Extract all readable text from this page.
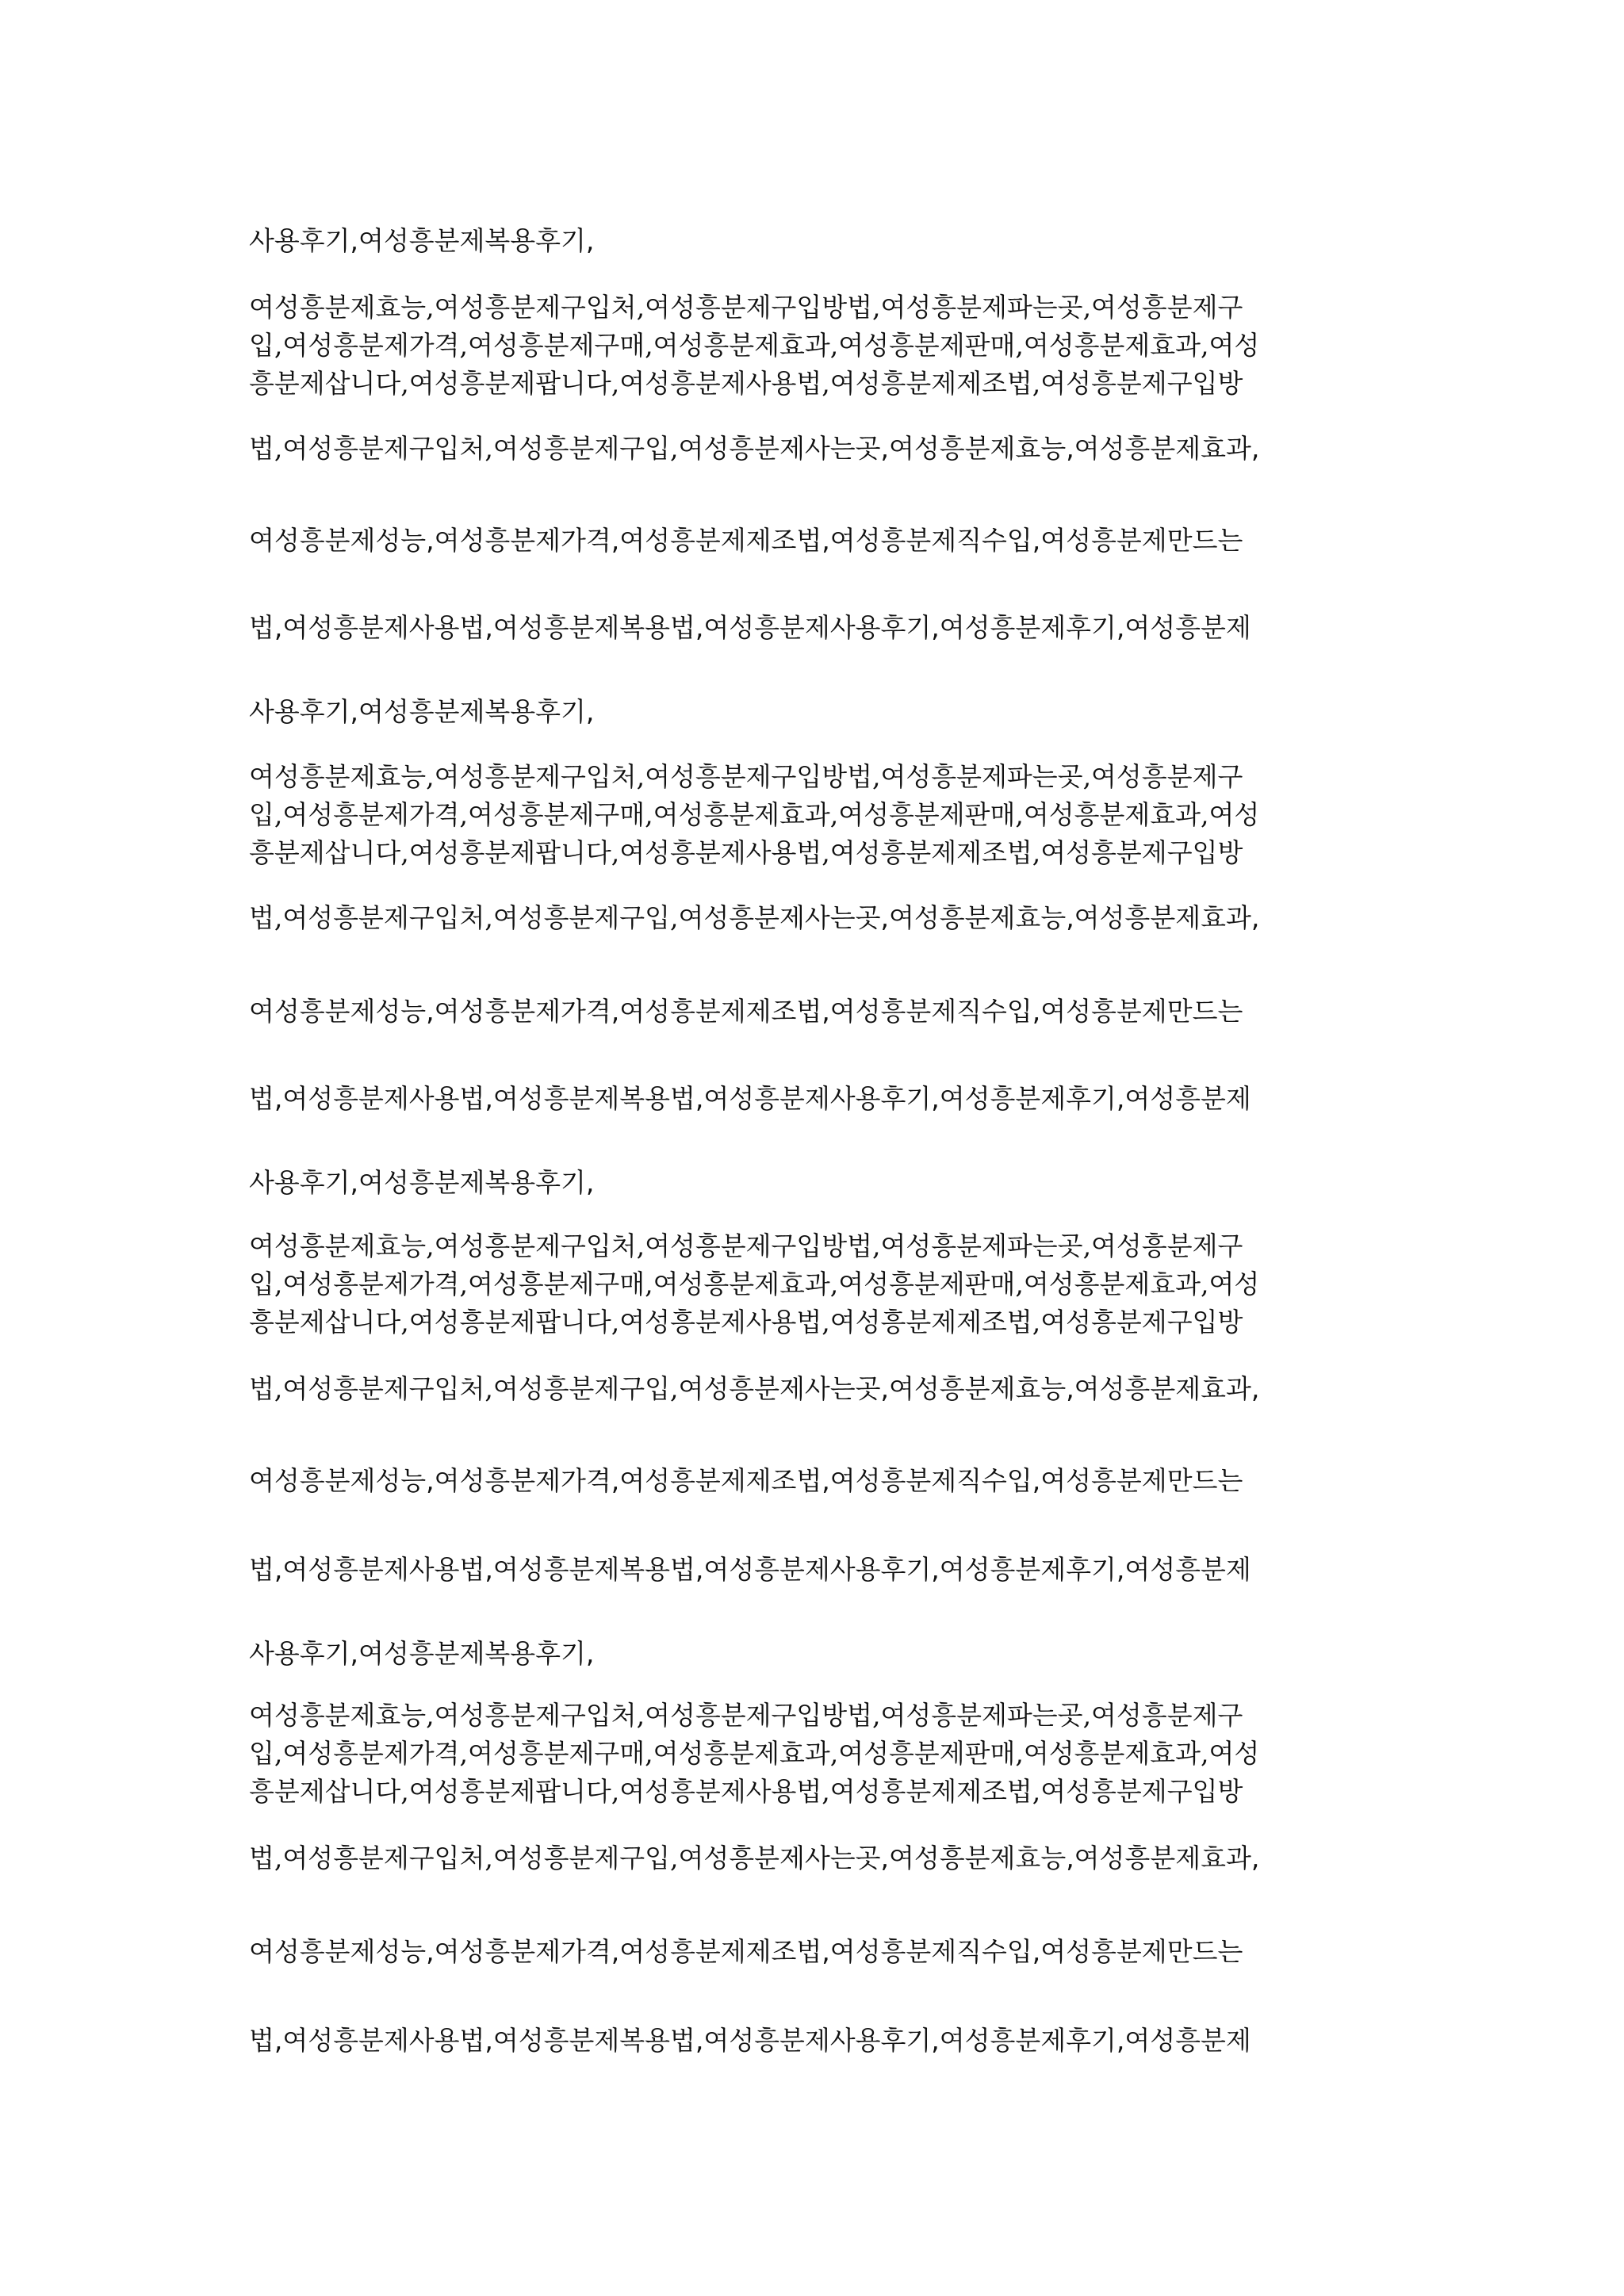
사용후기,여성흥분제복용후기,
여성흥분제효능,여성흥분제구입처,여성흥분제구입방법,여성흥분제파는곳,여성흥분제구
입,여성흥분제가격,여성흥분제구매,여성흥분제효과,여성흥분제판매,여성흥분제효과,여성
흥분제삽니다,여성흥분제팝니다,여성흥분제사용법,여성흥분제제조법,여성흥분제구입방
법,여성흥분제구입처,여성흥분제구입,여성흥분제사는곳,여성흥분제효능,여성흥분제효과,
여성흥분제성능,여성흥분제가격,여성흥분제제조법,여성흥분제직수입,여성흥분제만드는
법,여성흥분제사용법,여성흥분제복용법,여성흥분제사용후기,여성흥분제후기,여성흥분제
사용후기,여성흥분제복용후기,
여성흥분제효능,여성흥분제구입처,여성흥분제구입방법,여성흥분제파는곳,여성흥분제구
입,여성흥분제가격,여성흥분제구매,여성흥분제효과,여성흥분제판매,여성흥분제효과,여성
흥분제삽니다,여성흥분제팝니다,여성흥분제사용법,여성흥분제제조법,여성흥분제구입방
법,여성흥분제구입처,여성흥분제구입,여성흥분제사는곳,여성흥분제효능,여성흥분제효과,
여성흥분제성능,여성흥분제가격,여성흥분제제조법,여성흥분제직수입,여성흥분제만드는
법,여성흥분제사용법,여성흥분제복용법,여성흥분제사용후기,여성흥분제후기,여성흥분제
사용후기,여성흥분제복용후기,
여성흥분제효능,여성흥분제구입처,여성흥분제구입방법,여성흥분제파는곳,여성흥분제구
입,여성흥분제가격,여성흥분제구매,여성흥분제효과,여성흥분제판매,여성흥분제효과,여성
흥분제삽니다,여성흥분제팝니다,여성흥분제사용법,여성흥분제제조법,여성흥분제구입방
법,여성흥분제구입처,여성흥분제구입,여성흥분제사는곳,여성흥분제효능,여성흥분제효과,
여성흥분제성능,여성흥분제가격,여성흥분제제조법,여성흥분제직수입,여성흥분제만드는
법,여성흥분제사용법,여성흥분제복용법,여성흥분제사용후기,여성흥분제후기,여성흥분제
사용후기,여성흥분제복용후기,
여성흥분제효능,여성흥분제구입처,여성흥분제구입방법,여성흥분제파는곳,여성흥분제구
입,여성흥분제가격,여성흥분제구매,여성흥분제효과,여성흥분제판매,여성흥분제효과,여성
흥분제삽니다,여성흥분제팝니다,여성흥분제사용법,여성흥분제제조법,여성흥분제구입방
법,여성흥분제구입처,여성흥분제구입,여성흥분제사는곳,여성흥분제효능,여성흥분제효과,
여성흥분제성능,여성흥분제가격,여성흥분제제조법,여성흥분제직수입,여성흥분제만드는
법,여성흥분제사용법,여성흥분제복용법,여성흥분제사용후기,여성흥분제후기,여성흥분제
